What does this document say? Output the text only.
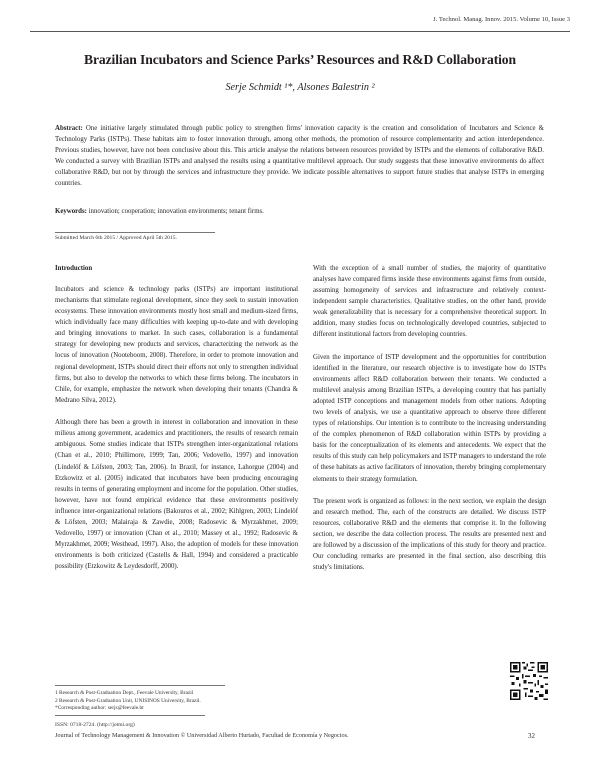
J. Technol. Manag. Innov. 2015. Volume 10, Issue 3
Brazilian Incubators and Science Parks’ Resources and R&D Collaboration
Serje Schmidt ¹*, Alsones Balestrin ²
Abstract: One initiative largely stimulated through public policy to strengthen firms' innovation capacity is the creation and consolidation of Incubators and Science & Technology Parks (ISTPs). These habitats aim to foster innovation through, among other methods, the promotion of resource complementarity and action interdependence. Previous studies, however, have not been conclusive about this. This article analyse the relations between resources provided by ISTPs and the elements of collaborative R&D. We conducted a survey with Brazilian ISTPs and analysed the results using a quantitative multilevel approach. Our study suggests that these innovative environments do affect collaborative R&D, but not by through the services and infrastructure they provide. We indicate possible alternatives to support future studies that analyse ISTPs in emerging countries.
Keywords: innovation; cooperation; innovation environments; tenant firms.
Submitted March 6th 2015 / Approved April 5th 2015.
Introduction

Incubators and science & technology parks (ISTPs) are important institutional mechanisms that stimulate regional development, since they seek to sustain innovation ecosystems. These innovation environments mostly host small and medium-sized firms, which individually face many difficulties with keeping up-to-date and with developing and bringing innovations to market. In such cases, collaboration is a fundamental strategy for developing new products and services, characterizing the network as the locus of innovation (Nooteboom, 2008). Therefore, in order to promote innovation and regional development, ISTPs should direct their efforts not only to strengthen individual firms, but also to develop the networks to which these firms belong. The incubators in Chile, for example, emphasize the network when developing their tenants (Chandra & Medrano Silva, 2012).

Although there has been a growth in interest in collaboration and innovation in these milieus among government, academics and practitioners, the results of research remain ambiguous. Some studies indicate that ISTPs strengthen inter-organizational relations (Chan et al., 2010; Phillimore, 1999; Tan, 2006; Vedovello, 1997) and innovation (Lindelöf & Löfsten, 2003; Tan, 2006). In Brazil, for instance, Lahorgue (2004) and Etzkowitz et al. (2005) indicated that incubators have been producing encouraging results in terms of generating employment and income for the population. Other studies, however, have not found empirical evidence that these environments positively influence inter-organizational relations (Bakouros et al., 2002; Kihlgren, 2003; Lindelöf & Löfsten, 2003; Malairaja & Zawdie, 2008; Radosevic & Myrzakhmet, 2009; Vedovello, 1997) or innovation (Chan et al., 2010; Massey et al., 1992; Radosevic & Myrzakhmet, 2009; Westhead, 1997). Also, the adoption of models for these innovation environments is both criticized (Castells & Hall, 1994) and considered a practicable possibility (Etzkowitz & Leydesdorff, 2000).

With the exception of a small number of studies, the majority of quantitative analyses have compared firms inside these environments against firms from outside, assuming homogeneity of services and infrastructure and relatively context-independent sample characteristics. Qualitative studies, on the other hand, provide weak generalizability that is necessary for a comprehensive theoretical support. In addition, many studies focus on technologically developed countries, subjected to different institutional factors from developing countries.

Given the importance of ISTP development and the opportunities for contribution identified in the literature, our research objective is to investigate how do ISTPs environments affect R&D collaboration between their tenants. We conducted a multilevel analysis among Brazilian ISTPs, a developing country that has partially adopted ISTP conceptions and management models from other nations. Adopting two levels of analysis, we use a quantitative approach to observe three different types of relationships. Our intention is to contribute to the increasing understanding of the complex phenomenon of R&D collaboration within ISTPs by providing a basis for the conceptualization of its elements and antecedents. We expect that the results of this study can help policymakers and ISTP managers to understand the role of these habitats as active facilitators of innovation, thereby bringing complementary elements to their strategy formulation.

The present work is organized as follows: in the next section, we explain the design and research method. The, each of the constructs are detailed. We discuss ISTP resources, collaborative R&D and the elements that comprise it. In the following section, we describe the data collection process. The results are presented next and are followed by a discussion of the implications of this study for theory and practice. Our concluding remarks are presented in the final section, also describing this study's limitations.

1 Research & Post-Graduation Dept., Feevale University, Brazil
2 Research & Post-Graduation Unit, UNISINOS University, Brazil.
*Corresponding author: serjs@feevale.br
ISSN: 0718-2724. (http://jotmi.org)
Journal of Technology Management & Innovation © Universidad Alberto Hurtado, Facultad de Economía y Negocios.	32
